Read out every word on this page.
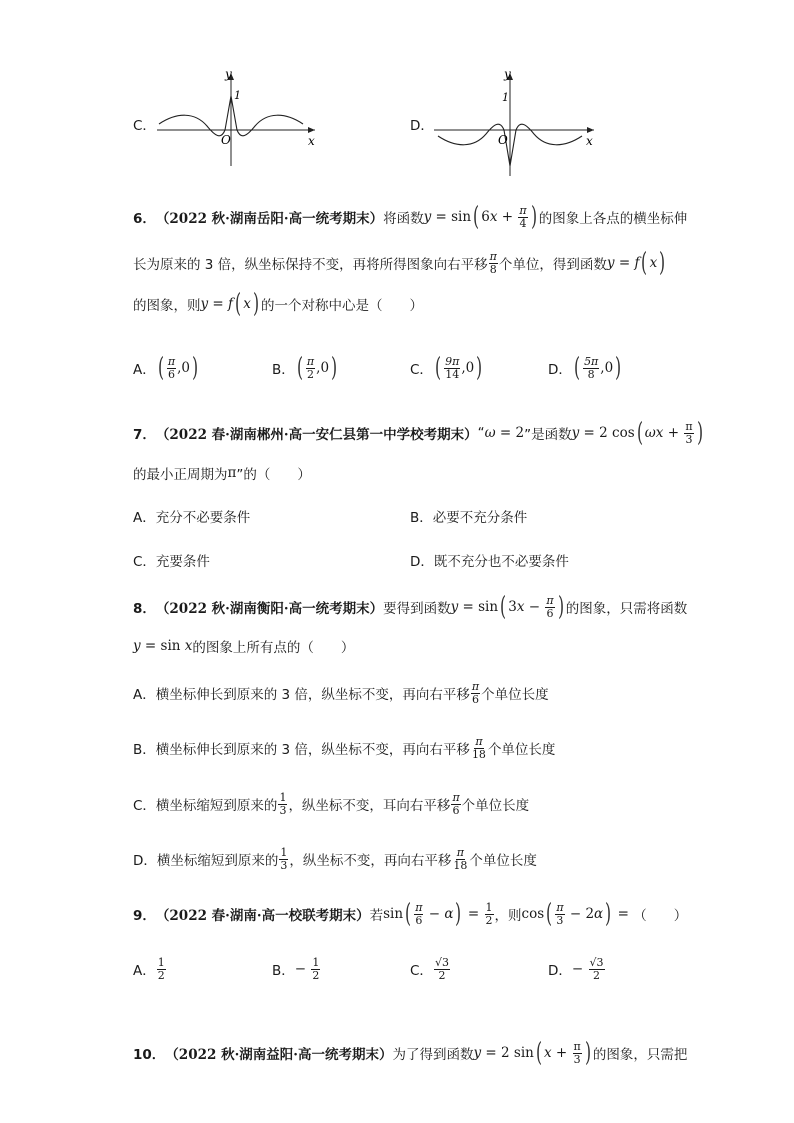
C．
y
1
O	x
D．
y
1
O	x
6． （2022 秋·湖南岳阳·高一统考期末） 将函数 y = sin ( $6x + \frac{\pi}{4}$ ) 的图象上各点的横坐标伸
长为原来的 3 倍，纵坐标保持不变，再将所得图象向右平移 $\frac{\pi}{8}$ 个单位，得到函数 y = f ( x )
的图象，则 y = f ( x ) 的一个对称中心是（　　）
A． ( $\frac{\pi}{6} ,0$ )	B． ( $\frac{\pi}{2} ,0$ )	C． ( $\frac{9\pi}{14} ,0$ )	D． ( $\frac{5\pi}{8} ,0$ )
7． （2022 春·湖南郴州·高一安仁县第一中学校考期末） “ ω = 2 ”是函数 y = 2 cos ( $\omega x + \frac{\pi}{3}$ )
的最小正周期为 π ”的（　　）
A．充分不必要条件	B．必要不充分条件
C．充要条件	D．既不充分也不必要条件
8． （2022 秋·湖南衡阳·高一统考期末） 要得到函数 y = sin ( $3x - \frac{\pi}{6}$ ) 的图象，只需将函数
y = sin x 的图象上所有点的（　　）
A．横坐标伸长到原来的 3 倍，纵坐标不变，再向右平移 $\frac{\pi}{6}$ 个单位长度
B．横坐标伸长到原来的 3 倍，纵坐标不变，再向右平移 $\frac{\pi}{18}$ 个单位长度
C．横坐标缩短到原来的 $\frac{1}{3}$ ，纵坐标不变，耳向右平移 $\frac{\pi}{6}$ 个单位长度
D．横坐标缩短到原来的 $\frac{1}{3}$ ，纵坐标不变，再向右平移 $\frac{\pi}{18}$ 个单位长度
9． （2022 春·湖南·高一校联考期末） 若 sin ( $\frac{\pi}{6} - \alpha$ ) = $\frac{1}{2}$ ，则 cos ( $\frac{\pi}{3} - 2$ α ) = （　　）
A． $\frac{1}{2}$	B． − $\frac{1}{2}$	C． $\frac{√3}{2}$	D． − $\frac{√3}{2}$
10． （2022 秋·湖南益阳·高一统考期末） 为了得到函数 y = 2 sin ( $x + \frac{\pi}{3}$ ) 的图象，只需把
